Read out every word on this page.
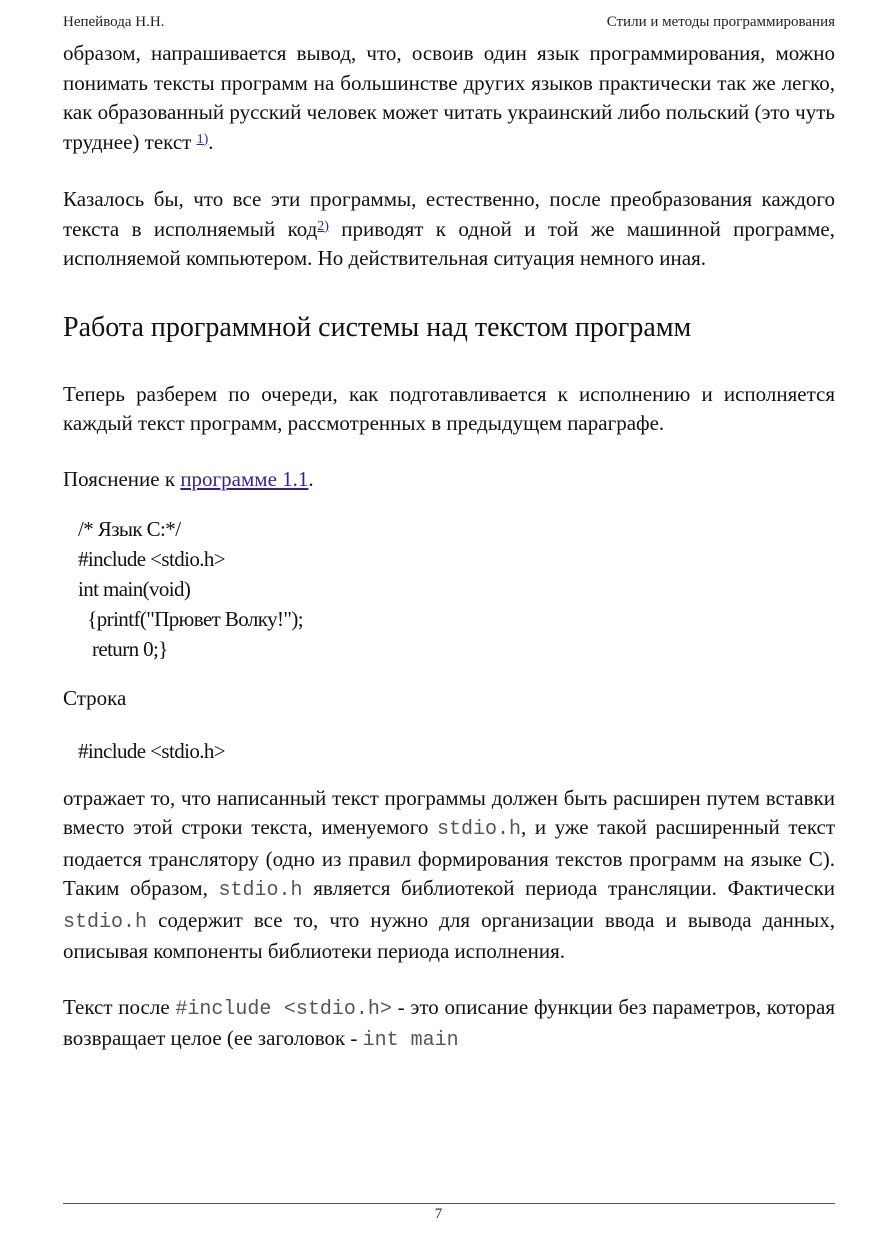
Непейвода Н.Н.	Стили и методы программирования

образом, напрашивается вывод, что, освоив один язык программирования, можно понимать тексты программ на большинстве других языков практически так же легко, как образованный русский человек может читать украинский либо польский (это чуть труднее) текст $^{1)}$.

Казалось бы, что все эти программы, естественно, после преобразования каждого текста в исполняемый код$^{2)}$ приводят к одной и той же машинной программе, исполняемой компьютером. Но действительная ситуация немного иная.

Работа программной системы над текстом программ

Теперь разберем по очереди, как подготавливается к исполнению и исполняется каждый текст программ, рассмотренных в предыдущем параграфе.

Пояснение к программе 1.1.

/* Язык С:*/
#include <stdio.h>
int main(void)
{printf("Прювет Волку!");
return 0;}

Строка

#include <stdio.h>

отражает то, что написанный текст программы должен быть расширен путем вставки вместо этой строки текста, именуемого stdio.h, и уже такой расширенный текст подается транслятору (одно из правил формирования текстов программ на языке С). Таким образом, stdio.h является библиотекой периода трансляции. Фактически stdio.h содержит все то, что нужно для организации ввода и вывода данных, описывая компоненты библиотеки периода исполнения.

Текст после #include <stdio.h> - это описание функции без параметров, которая возвращает целое (ее заголовок - int main

7
